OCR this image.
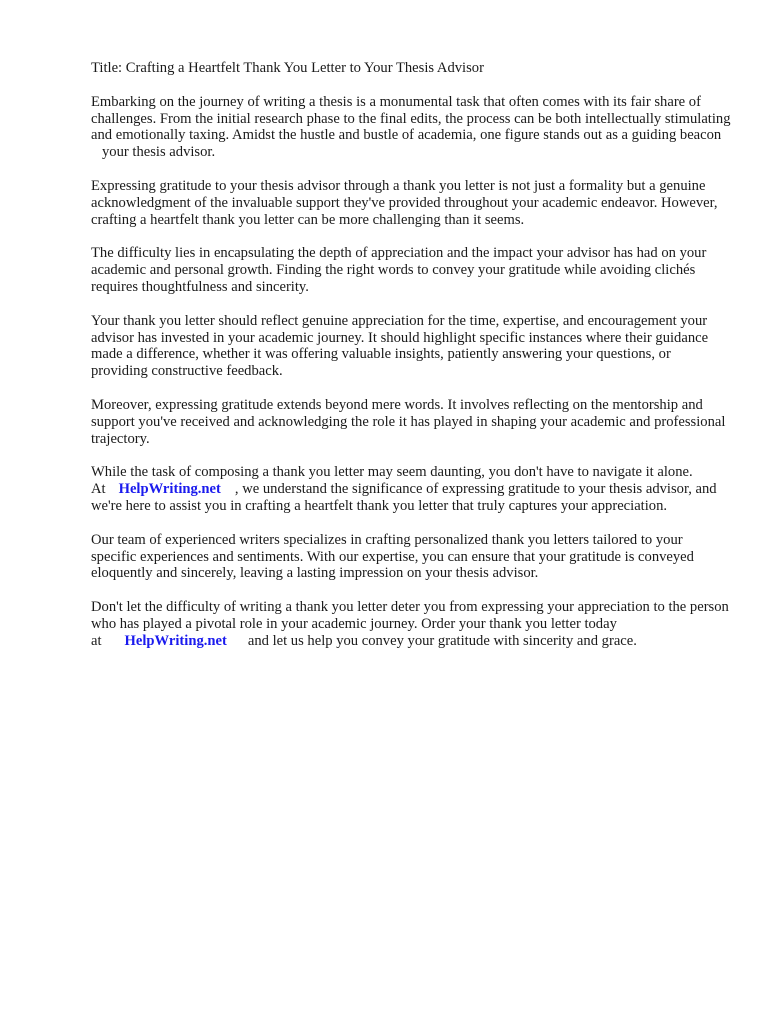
Title: Crafting a Heartfelt Thank You Letter to Your Thesis Advisor

Embarking on the journey of writing a thesis is a monumental task that often comes with its fair share of challenges. From the initial research phase to the final edits, the process can be both intellectually stimulating and emotionally taxing. Amidst the hustle and bustle of academia, one figure stands out as a guiding beaconyour thesis advisor.

Expressing gratitude to your thesis advisor through a thank you letter is not just a formality but a genuine acknowledgment of the invaluable support they've provided throughout your academic endeavor. However, crafting a heartfelt thank you letter can be more challenging than it seems.

The difficulty lies in encapsulating the depth of appreciation and the impact your advisor has had on your academic and personal growth. Finding the right words to convey your gratitude while avoiding clichés requires thoughtfulness and sincerity.

Your thank you letter should reflect genuine appreciation for the time, expertise, and encouragement your advisor has invested in your academic journey. It should highlight specific instances where their guidance made a difference, whether it was offering valuable insights, patiently answering your questions, or providing constructive feedback.

Moreover, expressing gratitude extends beyond mere words. It involves reflecting on the mentorship and support you've received and acknowledging the role it has played in shaping your academic and professional trajectory.

While the task of composing a thank you letter may seem daunting, you don't have to navigate it alone. At HelpWriting.net , we understand the significance of expressing gratitude to your thesis advisor, and we're here to assist you in crafting a heartfelt thank you letter that truly captures your appreciation.

Our team of experienced writers specializes in crafting personalized thank you letters tailored to your specific experiences and sentiments. With our expertise, you can ensure that your gratitude is conveyed eloquently and sincerely, leaving a lasting impression on your thesis advisor.

Don't let the difficulty of writing a thank you letter deter you from expressing your appreciation to the person who has played a pivotal role in your academic journey. Order your thank you letter today at HelpWriting.net and let us help you convey your gratitude with sincerity and grace.
